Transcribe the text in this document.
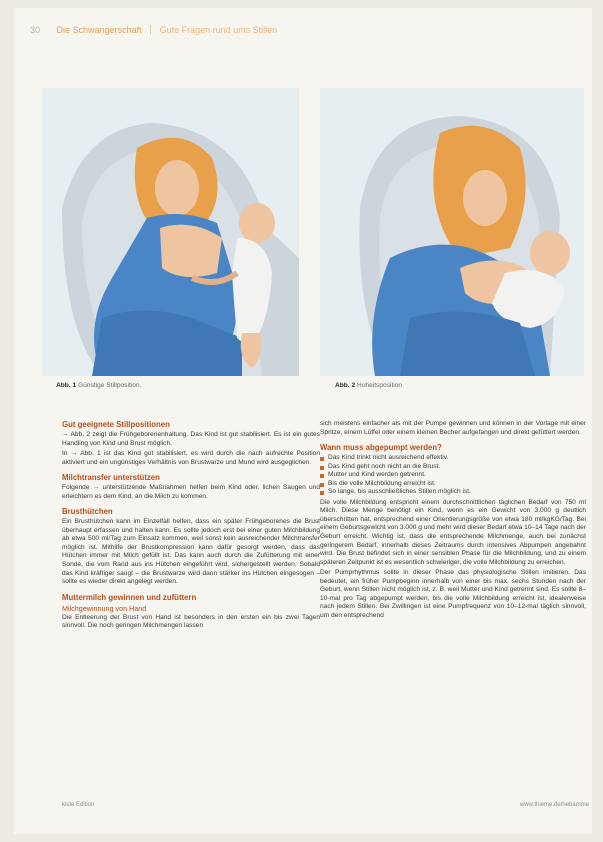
30 Die Schwangerschaft Gute Fragen rund ums Stillen
Abb. 1 Günstige Stillposition.	Abb. 2 Hoheitsposition
Gut geeignete Stillpositionen

→ Abb. 2 zeigt die Frühgeborenenhaltung. Das Kind ist gut stabilisiert. Es ist ein gutes Handling von Kind und Brust möglich.

In → Abb. 1 ist das Kind gut stabilisiert, es wird durch die nach aufrechte Position aktiviert und ein ungünstiges Verhältnis von Brustwarze und Mund wird ausgeglichen.

Milchtransfer unterstützen

Folgende → unterstützende Maßnahmen helfen beim Kind oder. lichen Saugen und erleichtern es dem Kind, an die Milch zu kommen.

Brusthütchen

Ein Brusthütchen kann im Einzelfall helfen, dass ein später Frühgeborenes die Brust überhaupt erfassen und halten kann. Es sollte jedoch erst bei einer guten Milchbildung ab etwa 500 ml/Tag zum Einsatz kommen, weil sonst kein ausreichender Milchtransfer möglich ist. Mithilfe der Brustkompression kann dafür gesorgt werden, dass das Hütchen immer mit Milch gefüllt ist. Das kann auch durch die Zufütterung mit einer Sonde, die vom Rand aus ins Hütchen eingeführt wird, sichergestellt werden. Sobald das Kind kräftiger saugt – die Brustwarze wird dann stärker ins Hütchen eingesogen – sollte es wieder direkt angelegt werden.

Muttermilch gewinnen und zufüttern
Milchgewinnung von Hand

Die Entleerung der Brust von Hand ist besonders in den ersten ein bis zwei Tagen sinnvoll. Die noch geringen Milchmengen lassen

sich meistens einfacher als mit der Pumpe gewinnen und können in der Vorlage mit einer Spritze, einem Löffel oder einem kleinen Becher aufgefangen und direkt gefüttert werden.

Wann muss abgepumpt werden?
Das Kind trinkt nicht ausreichend effektiv.
Das Kind geht noch nicht an die Brust.
Mutter und Kind werden getrennt.
Bis die volle Milchbildung erreicht ist.
So lange, bis ausschließliches Stillen möglich ist.

Die volle Milchbildung entspricht einem durchschnittlichen täglichen Bedarf von 750 ml Milch. Diese Menge benötigt ein Kind, wenn es ein Gewicht von 3.000 g deutlich überschritten hat, entsprechend einer Orientierungsgröße von etwa 180 ml/kgKG/Tag. Bei einem Geburtsgewicht von 3.000 g und mehr wird dieser Bedarf etwa 10–14 Tage nach der Geburt erreicht. Wichtig ist, dass die entsprechende Milchmenge, auch bei zunächst geringerem Bedarf, innerhalb dieses Zeitraums durch intensives Abpumpen angebahnt wird. Die Brust befindet sich in einer sensiblen Phase für die Milchbildung, und zu einem späteren Zeitpunkt ist es wesentlich schwieriger, die volle Milchbildung zu erreichen.

Der Pumprhythmus sollte in dieser Phase das physiologische Stillen imitieren. Das bedeutet, ein früher Pumpbeginn innerhalb von einer bis max. sechs Stunden nach der Geburt, wenn Stillen nicht möglich ist, z. B. weil Mutter und Kind getrennt sind. Es sollte 8–10-mal pro Tag abgepumpt werden, bis die volle Milchbildung erreicht ist, idealerweise nach jedem Stillen. Bei Zwillingen ist eine Pumpfrequenz von 10–12-mal täglich sinnvoll, um den entsprechend

kiste Edition	www.thieme.de/hebamme
